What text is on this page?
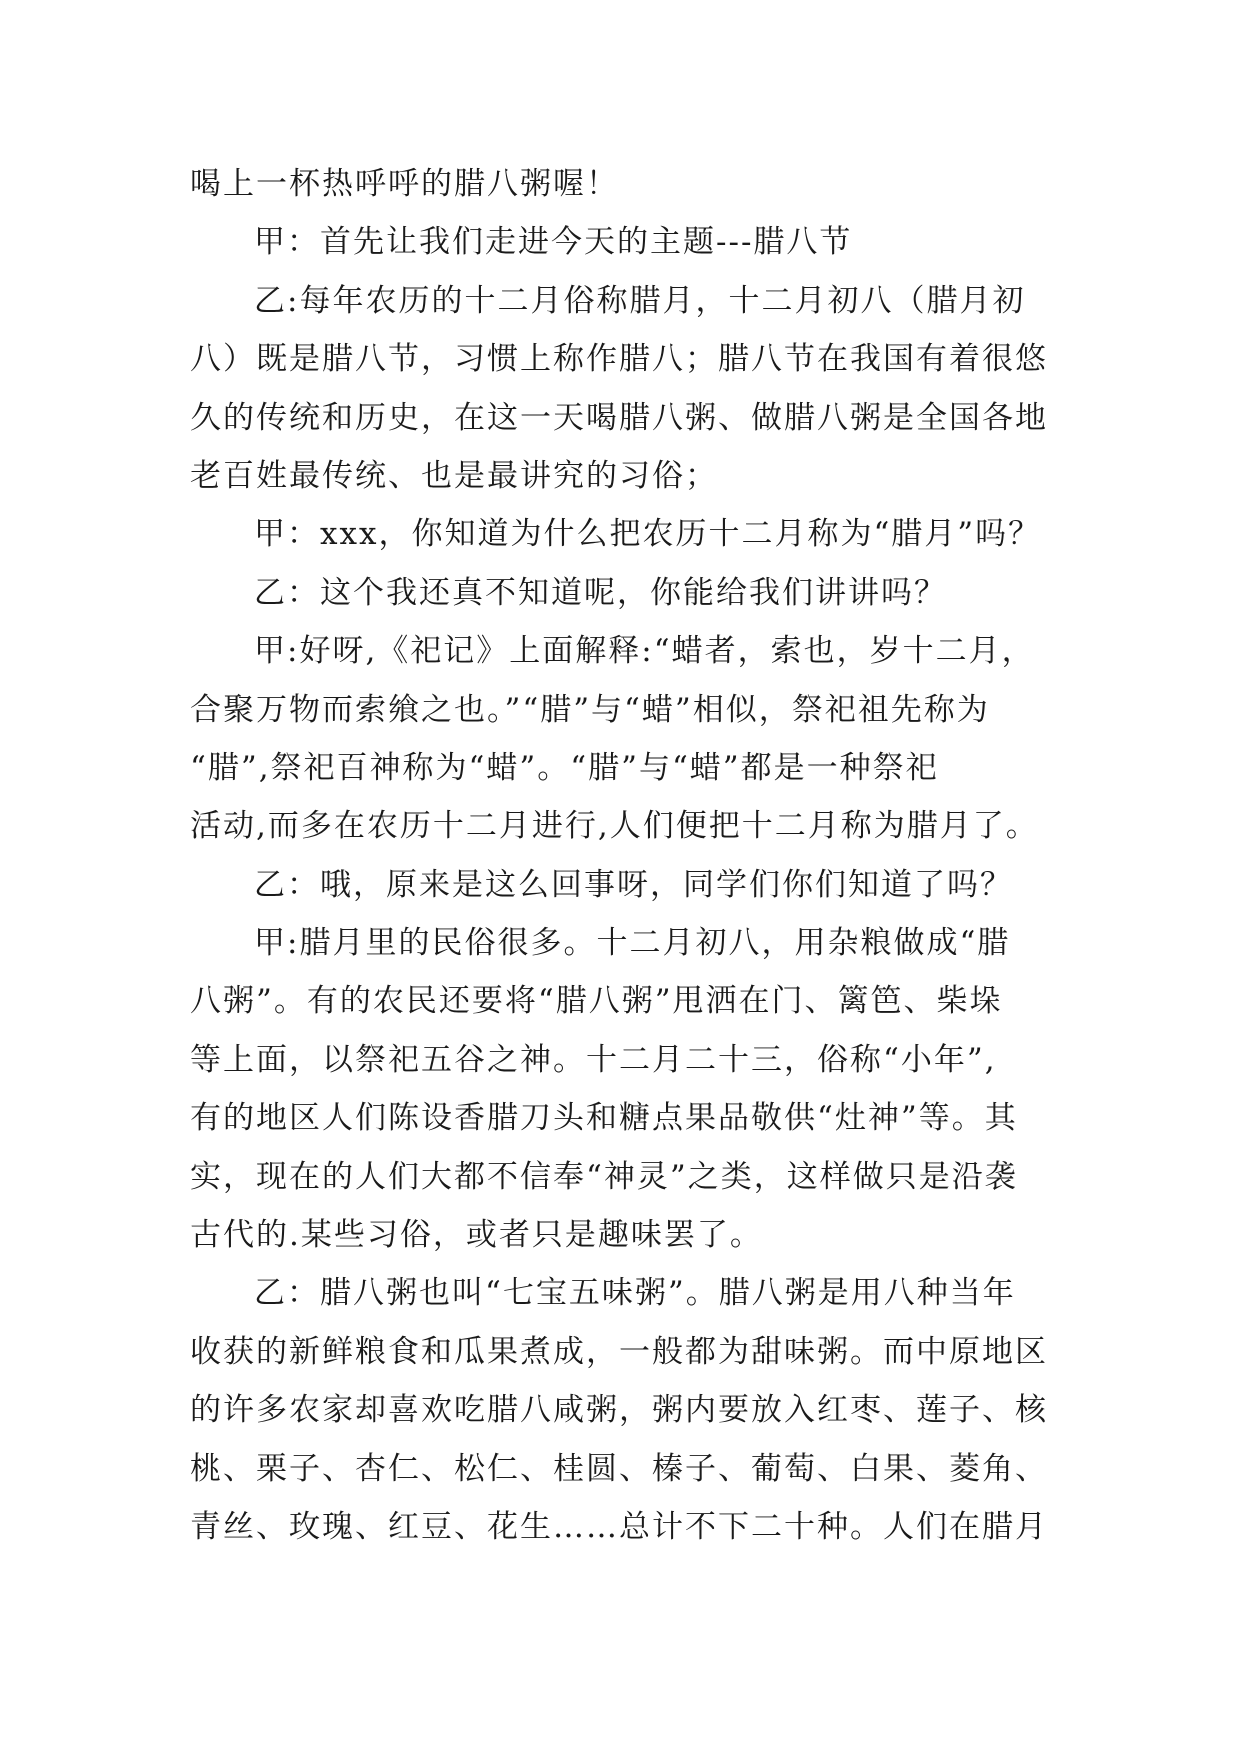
喝上一杯热呼呼的腊八粥喔！
甲：首先让我们走进今天的主题---腊八节
乙:每年农历的十二月俗称腊月，十二月初八（腊月初
八）既是腊八节，习惯上称作腊八；腊八节在我国有着很悠
久的传统和历史，在这一天喝腊八粥、做腊八粥是全国各地
老百姓最传统、也是最讲究的习俗；
甲：xxx，你知道为什么把农历十二月称为“腊月”吗？
乙：这个我还真不知道呢，你能给我们讲讲吗？
甲:好呀,《祀记》上面解释:“蜡者，索也，岁十二月，
合聚万物而索飨之也。”“腊”与“蜡”相似，祭祀祖先称为
“腊”,祭祀百神称为“蜡”。“腊”与“蜡”都是一种祭祀
活动,而多在农历十二月进行,人们便把十二月称为腊月了。
乙：哦，原来是这么回事呀，同学们你们知道了吗？
甲:腊月里的民俗很多。十二月初八，用杂粮做成“腊
八粥”。有的农民还要将“腊八粥”甩洒在门、篱笆、柴垛
等上面，以祭祀五谷之神。十二月二十三，俗称“小年”,
有的地区人们陈设香腊刀头和糖点果品敬供“灶神”等。其
实，现在的人们大都不信奉“神灵”之类，这样做只是沿袭
古代的.某些习俗，或者只是趣味罢了。
乙：腊八粥也叫“七宝五味粥”。腊八粥是用八种当年
收获的新鲜粮食和瓜果煮成，一般都为甜味粥。而中原地区
的许多农家却喜欢吃腊八咸粥，粥内要放入红枣、莲子、核
桃、栗子、杏仁、松仁、桂圆、榛子、葡萄、白果、菱角、
青丝、玫瑰、红豆、花生……总计不下二十种。人们在腊月
